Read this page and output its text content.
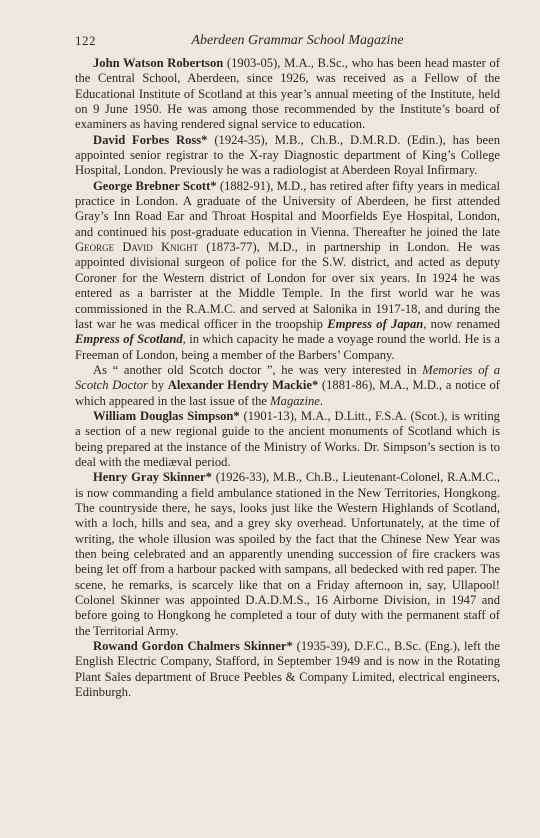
122	Aberdeen Grammar School Magazine

John Watson Robertson (1903-05), M.A., B.Sc., who has been head master of the Central School, Aberdeen, since 1926, was received as a Fellow of the Educational Institute of Scotland at this year’s annual meeting of the Institute, held on 9 June 1950. He was among those recommended by the Institute’s board of examiners as having rendered signal service to education.

David Forbes Ross* (1924-35), M.B., Ch.B., D.M.R.D. (Edin.), has been appointed senior registrar to the X-ray Diagnostic department of King’s College Hospital, London. Previously he was a radiologist at Aberdeen Royal Infirmary.

George Brebner Scott* (1882-91), M.D., has retired after fifty years in medical practice in London. A graduate of the University of Aberdeen, he first attended Gray’s Inn Road Ear and Throat Hospital and Moorfields Eye Hospital, London, and continued his post-graduate education in Vienna. Thereafter he joined the late George David Knight (1873-77), M.D., in partnership in London. He was appointed divisional surgeon of police for the S.W. district, and acted as deputy Coroner for the Western district of London for over six years. In 1924 he was entered as a barrister at the Middle Temple. In the first world war he was commissioned in the R.A.M.C. and served at Salonika in 1917-18, and during the last war he was medical officer in the troopship Empress of Japan, now renamed Empress of Scotland, in which capacity he made a voyage round the world. He is a Freeman of London, being a member of the Barbers’ Company.

As “ another old Scotch doctor ”, he was very interested in Memories of a Scotch Doctor by Alexander Hendry Mackie* (1881-86), M.A., M.D., a notice of which appeared in the last issue of the Magazine.

William Douglas Simpson* (1901-13), M.A., D.Litt., F.S.A. (Scot.), is writing a section of a new regional guide to the ancient monuments of Scotland which is being prepared at the instance of the Ministry of Works. Dr. Simpson’s section is to deal with the mediæval period.

Henry Gray Skinner* (1926-33), M.B., Ch.B., Lieutenant-Colonel, R.A.M.C., is now commanding a field ambulance stationed in the New Territories, Hongkong. The countryside there, he says, looks just like the Western Highlands of Scotland, with a loch, hills and sea, and a grey sky overhead. Unfortunately, at the time of writing, the whole illusion was spoiled by the fact that the Chinese New Year was then being celebrated and an apparently unending succession of fire crackers was being let off from a harbour packed with sampans, all bedecked with red paper. The scene, he remarks, is scarcely like that on a Friday afternoon in, say, Ullapool! Colonel Skinner was appointed D.A.D.M.S., 16 Airborne Division, in 1947 and before going to Hongkong he completed a tour of duty with the permanent staff of the Territorial Army.

Rowand Gordon Chalmers Skinner* (1935-39), D.F.C., B.Sc. (Eng.), left the English Electric Company, Stafford, in September 1949 and is now in the Rotating Plant Sales department of Bruce Peebles & Company Limited, electrical engineers, Edinburgh.
